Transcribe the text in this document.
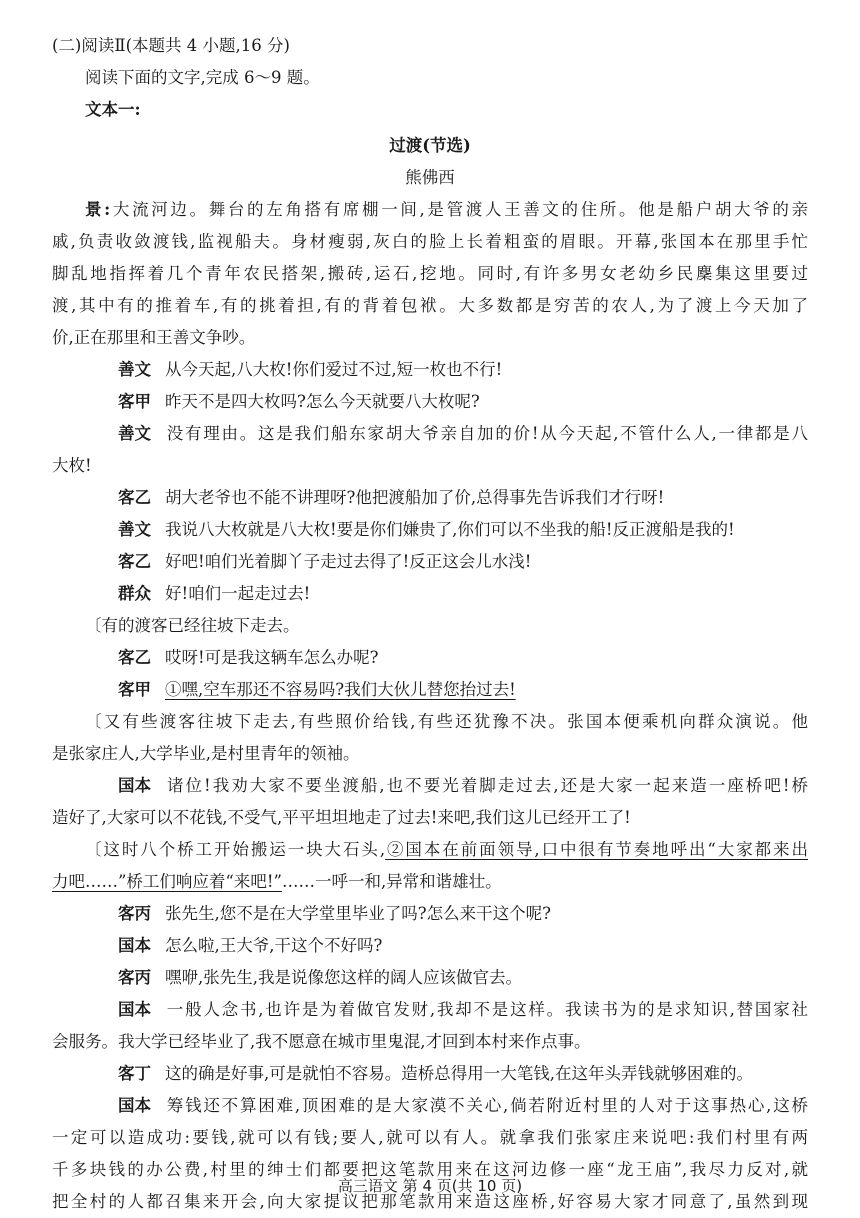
(二)阅读Ⅱ(本题共 4 小题,16 分)

阅读下面的文字,完成 6～9 题。

文本一:

过渡(节选)

熊佛西

景:大流河边。舞台的左角搭有席棚一间,是管渡人王善文的住所。他是船户胡大爷的亲
戚,负责收敛渡钱,监视船夫。身材瘦弱,灰白的脸上长着粗蛮的眉眼。开幕,张国本在那里手忙
脚乱地指挥着几个青年农民搭架,搬砖,运石,挖地。同时,有许多男女老幼乡民麇集这里要过
渡,其中有的推着车,有的挑着担,有的背着包袱。大多数都是穷苦的农人,为了渡上今天加了
价,正在那里和王善文争吵。
善文 从今天起,八大枚!你们爱过不过,短一枚也不行!
客甲 昨天不是四大枚吗?怎么今天就要八大枚呢?
善文 没有理由。这是我们船东家胡大爷亲自加的价!从今天起,不管什么人,一律都是八
大枚!
客乙 胡大老爷也不能不讲理呀?他把渡船加了价,总得事先告诉我们才行呀!
善文 我说八大枚就是八大枚!要是你们嫌贵了,你们可以不坐我的船!反正渡船是我的!
客乙 好吧!咱们光着脚丫子走过去得了!反正这会儿水浅!
群众 好!咱们一起走过去!
〔有的渡客已经往坡下走去。
客乙 哎呀!可是我这辆车怎么办呢?
客甲 ①嘿,空车那还不容易吗?我们大伙儿替您抬过去!
〔又有些渡客往坡下走去,有些照价给钱,有些还犹豫不决。张国本便乘机向群众演说。他
是张家庄人,大学毕业,是村里青年的领袖。
国本 诸位!我劝大家不要坐渡船,也不要光着脚走过去,还是大家一起来造一座桥吧!桥
造好了,大家可以不花钱,不受气,平平坦坦地走了过去!来吧,我们这儿已经开工了!
〔这时八个桥工开始搬运一块大石头,②国本在前面领导,口中很有节奏地呼出“大家都来出
力吧……”桥工们响应着“来吧!”……一呼一和,异常和谐雄壮。
客丙 张先生,您不是在大学堂里毕业了吗?怎么来干这个呢?
国本 怎么啦,王大爷,干这个不好吗?
客丙 嘿咿,张先生,我是说像您这样的阔人应该做官去。
国本 一般人念书,也许是为着做官发财,我却不是这样。我读书为的是求知识,替国家社
会服务。我大学已经毕业了,我不愿意在城市里鬼混,才回到本村来作点事。
客丁 这的确是好事,可是就怕不容易。造桥总得用一大笔钱,在这年头弄钱就够困难的。
国本 筹钱还不算困难,顶困难的是大家漠不关心,倘若附近村里的人对于这事热心,这桥
一定可以造成功:要钱,就可以有钱;要人,就可以有人。就拿我们张家庄来说吧:我们村里有两
千多块钱的办公费,村里的绅士们都要把这笔款用来在这河边修一座“龙王庙”,我尽力反对,就
把全村的人都召集来开会,向大家提议把那笔款用来造这座桥,好容易大家才同意了,虽然到现
高三语文 第 4 页(共 10 页)
